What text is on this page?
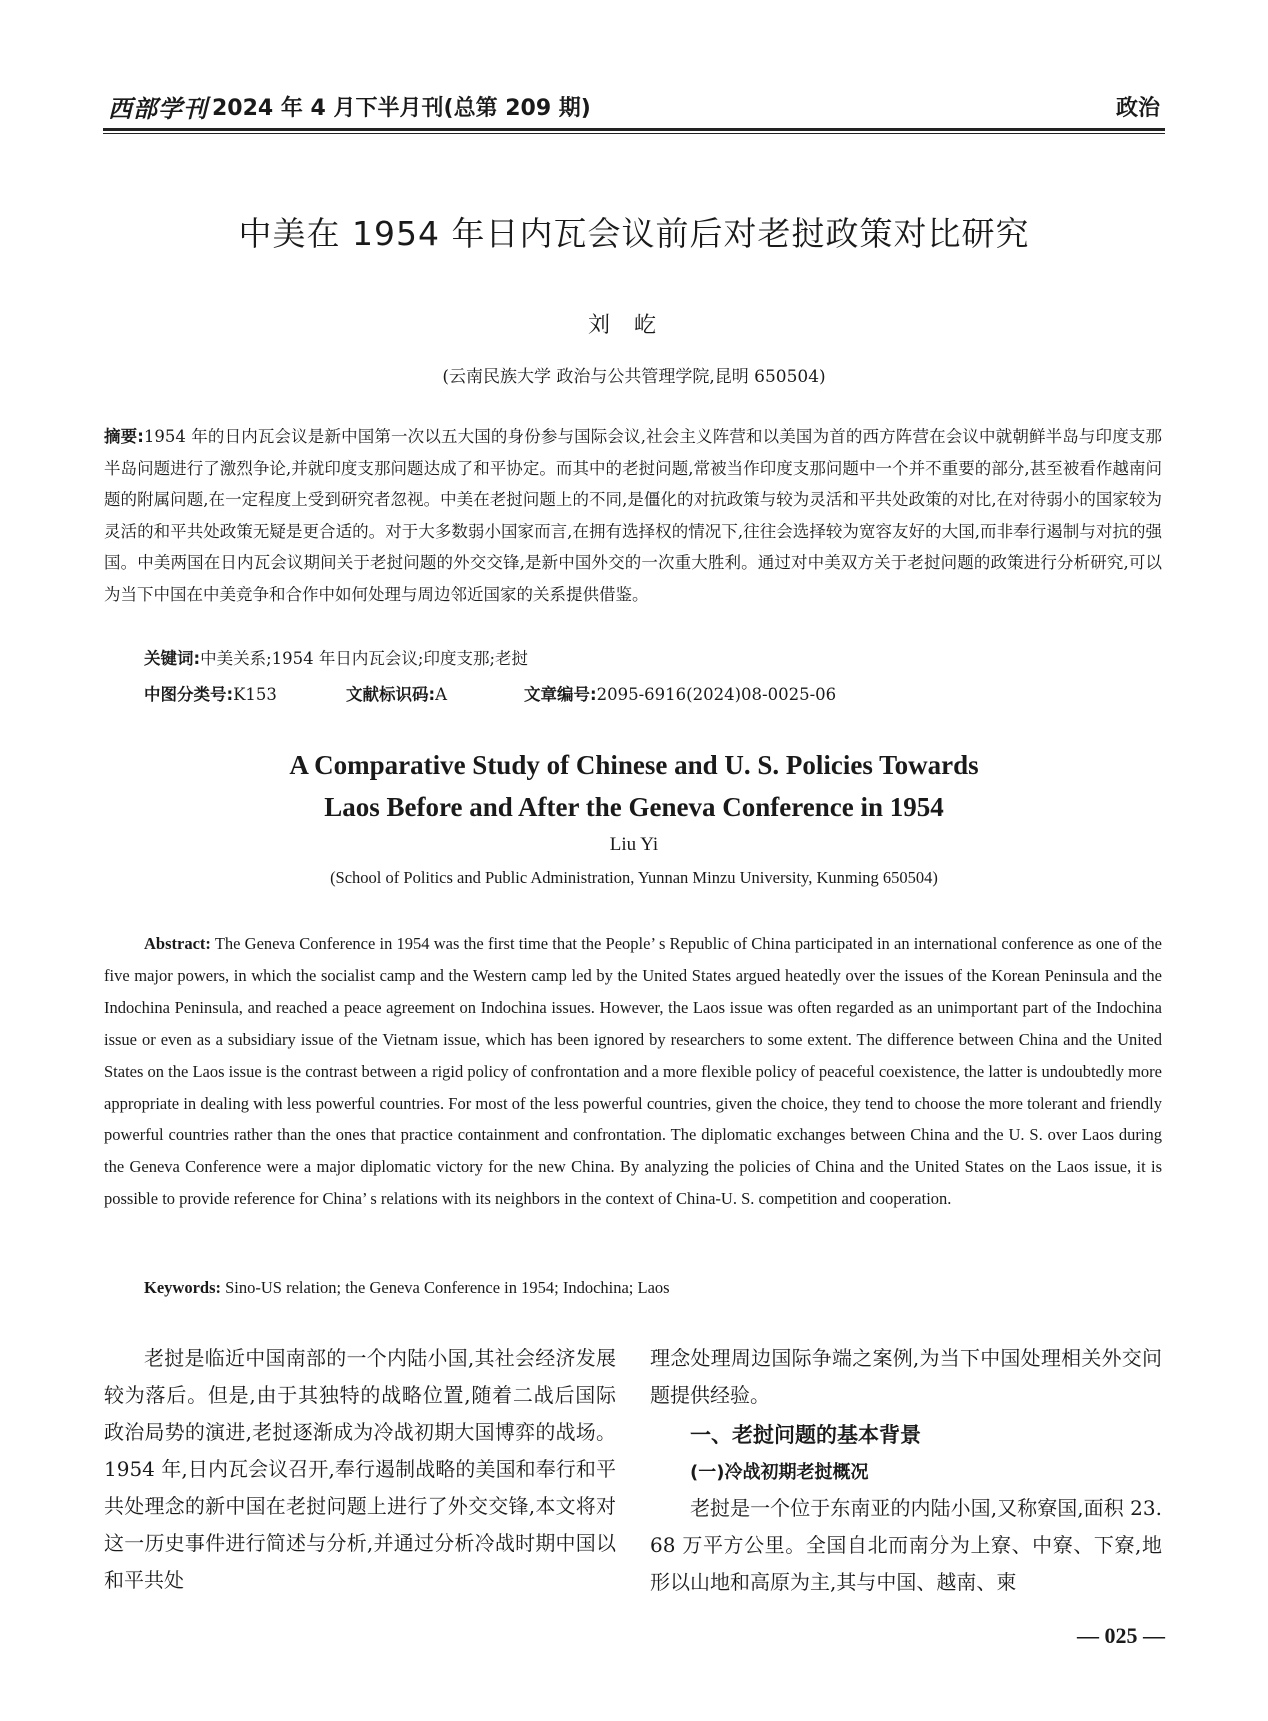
西部学刊 2024 年 4 月下半月刊(总第 209 期)	政治
中美在 1954 年日内瓦会议前后对老挝政策对比研究
刘屹
(云南民族大学 政治与公共管理学院,昆明 650504)
摘要:1954 年的日内瓦会议是新中国第一次以五大国的身份参与国际会议,社会主义阵营和以美国为首的西方阵营在会议中就朝鲜半岛与印度支那半岛问题进行了激烈争论,并就印度支那问题达成了和平协定。而其中的老挝问题,常被当作印度支那问题中一个并不重要的部分,甚至被看作越南问题的附属问题,在一定程度上受到研究者忽视。中美在老挝问题上的不同,是僵化的对抗政策与较为灵活和平共处政策的对比,在对待弱小的国家较为灵活的和平共处政策无疑是更合适的。对于大多数弱小国家而言,在拥有选择权的情况下,往往会选择较为宽容友好的大国,而非奉行遏制与对抗的强国。中美两国在日内瓦会议期间关于老挝问题的外交交锋,是新中国外交的一次重大胜利。通过对中美双方关于老挝问题的政策进行分析研究,可以为当下中国在中美竞争和合作中如何处理与周边邻近国家的关系提供借鉴。
关键词:中美关系;1954 年日内瓦会议;印度支那;老挝
中图分类号:K153	文献标识码:A	文章编号:2095-6916(2024)08-0025-06
A Comparative Study of Chinese and U. S. Policies Towards
Laos Before and After the Geneva Conference in 1954
Liu Yi
(School of Politics and Public Administration, Yunnan Minzu University, Kunming 650504)
Abstract: The Geneva Conference in 1954 was the first time that the People’ s Republic of China participated in an international conference as one of the five major powers, in which the socialist camp and the Western camp led by the United States argued heatedly over the issues of the Korean Peninsula and the Indochina Peninsula, and reached a peace agreement on Indochina issues. However, the Laos issue was often regarded as an unimportant part of the Indochina issue or even as a subsidiary issue of the Vietnam issue, which has been ignored by researchers to some extent. The difference between China and the United States on the Laos issue is the contrast between a rigid policy of confrontation and a more flexible policy of peaceful coexistence, the latter is undoubtedly more appropriate in dealing with less powerful countries. For most of the less powerful countries, given the choice, they tend to choose the more tolerant and friendly powerful countries rather than the ones that practice containment and confrontation. The diplomatic exchanges between China and the U. S. over Laos during the Geneva Conference were a major diplomatic victory for the new China. By analyzing the policies of China and the United States on the Laos issue, it is possible to provide reference for China’ s relations with its neighbors in the context of China-U. S. competition and cooperation.
Keywords: Sino-US relation; the Geneva Conference in 1954; Indochina; Laos

老挝是临近中国南部的一个内陆小国,其社会经济发展较为落后。但是,由于其独特的战略位置,随着二战后国际政治局势的演进,老挝逐渐成为冷战初期大国博弈的战场。1954 年,日内瓦会议召开,奉行遏制战略的美国和奉行和平共处理念的新中国在老挝问题上进行了外交交锋,本文将对这一历史事件进行简述与分析,并通过分析冷战时期中国以和平共处

理念处理周边国际争端之案例,为当下中国处理相关外交问题提供经验。

一、老挝问题的基本背景
(一)冷战初期老挝概况

老挝是一个位于东南亚的内陆小国,又称寮国,面积 23. 68 万平方公里。全国自北而南分为上寮、中寮、下寮,地形以山地和高原为主,其与中国、越南、柬

— 025 —
